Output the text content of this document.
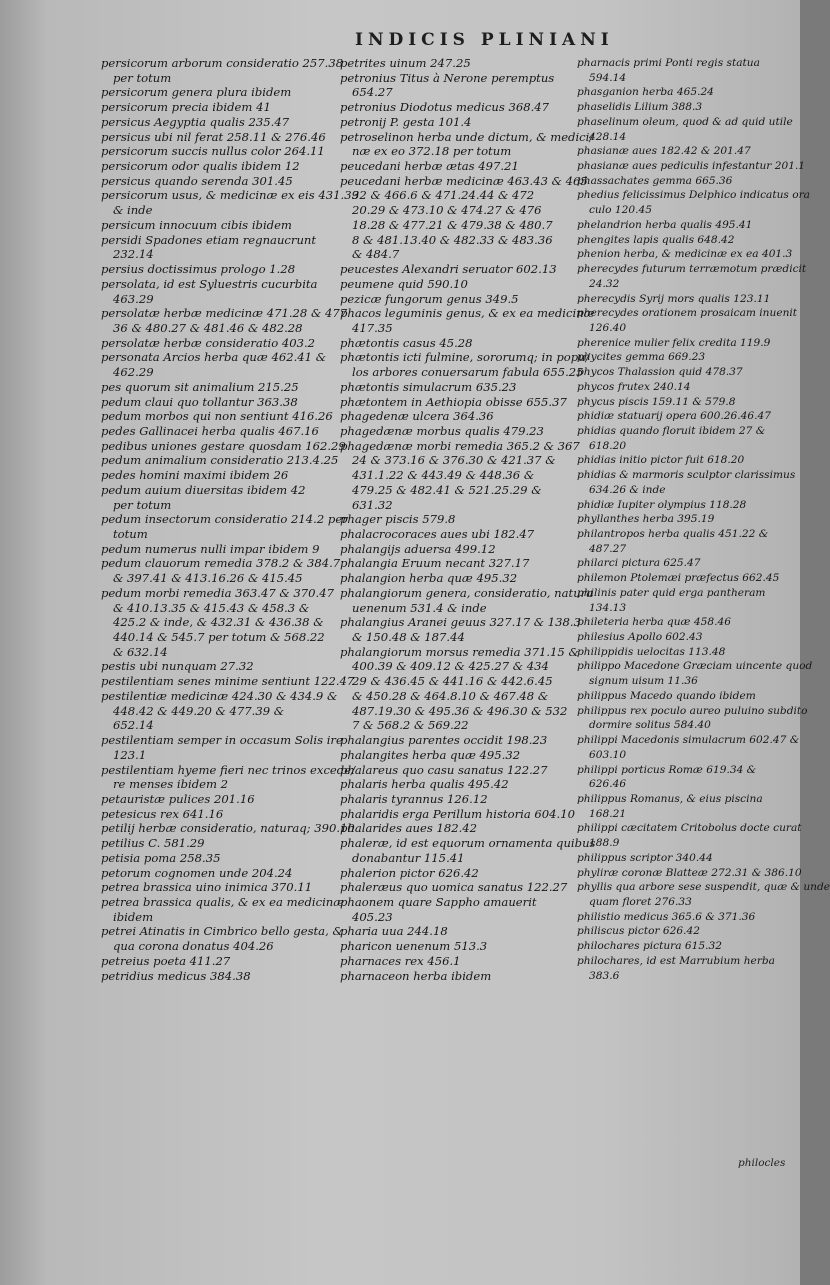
INDICIS PLINIANI
persicorum arborum consideratio 257.38
per totum
persicorum genera plura ibidem
persicorum precia ibidem 41
persicus Aegyptia qualis 235.47
persicus ubi nil ferat 258.11 & 276.46
persicorum succis nullus color 264.11
persicorum odor qualis ibidem 12
persicus quando serenda 301.45
persicorum usus, & medicinæ ex eis 431.39
& inde
persicum innocuum cibis ibidem
persidi Spadones etiam regnaucrunt
232.14
persius doctissimus prologo 1.28
persolata, id est Syluestris cucurbita
463.29
persolatæ herbæ medicinæ 471.28 & 477
36 & 480.27 & 481.46 & 482.28
persolatæ herbæ consideratio 403.2
personata Arcios herba quæ 462.41 &
462.29
pes quorum sit animalium 215.25
pedum claui quo tollantur 363.38
pedum morbos qui non sentiunt 416.26
pedes Gallinacei herba qualis 467.16
pedibus uniones gestare quosdam 162.29
pedum animalium consideratio 213.4.25
pedes homini maximi ibidem 26
pedum auium diuersitas ibidem 42
per totum
pedum insectorum consideratio 214.2 per
totum
pedum numerus nulli impar ibidem 9
pedum clauorum remedia 378.2 & 384.7
& 397.41 & 413.16.26 & 415.45
pedum morbi remedia 363.47 & 370.47
& 410.13.35 & 415.43 & 458.3 &
425.2 & inde, & 432.31 & 436.38 &
440.14 & 545.7 per totum & 568.22
& 632.14
pestis ubi nunquam 27.32
pestilentiam senes minime sentiunt 122.47
pestilentiæ medicinæ 424.30 & 434.9 &
448.42 & 449.20 & 477.39 &
652.14
pestilentiam semper in occasum Solis ire
123.1
pestilentiam hyeme fieri nec trinos excede/
re menses ibidem 2
petauristæ pulices 201.16
petesicus rex 641.16
petilij herbæ consideratio, naturaq; 390.10
petilius C. 581.29
petisia poma 258.35
petorum cognomen unde 204.24
petrea brassica uino inimica 370.11
petrea brassica qualis, & ex ea medicinæ
ibidem
petrei Atinatis in Cimbrico bello gesta, &
qua corona donatus 404.26
petreius poeta 411.27
petridius medicus 384.38
petrites uinum 247.25
petronius Titus à Nerone peremptus
654.27
petronius Diodotus medicus 368.47
petronij P. gesta 101.4
petroselinon herba unde dictum, & medici/
næ ex eo 372.18 per totum
peucedani herbæ ætas 497.21
peucedani herbæ medicinæ 463.43 & 465
32 & 466.6 & 471.24.44 & 472
20.29 & 473.10 & 474.27 & 476
18.28 & 477.21 & 479.38 & 480.7
8 & 481.13.40 & 482.33 & 483.36
& 484.7
peucestes Alexandri seruator 602.13
peumene quid 590.10
pezicæ fungorum genus 349.5
phacos leguminis genus, & ex ea medicinæ
417.35
phætontis casus 45.28
phætontis icti fulmine, sororumq; in popu/
los arbores conuersarum fabula 655.25
phætontis simulacrum 635.23
phætontem in Aethiopia obisse 655.37
phagedenæ ulcera 364.36
phagedænæ morbus qualis 479.23
phagedænæ morbi remedia 365.2 & 367
24 & 373.16 & 376.30 & 421.37 &
431.1.22 & 443.49 & 448.36 &
479.25 & 482.41 & 521.25.29 &
631.32
phager piscis 579.8
phalacrocoraces aues ubi 182.47
phalangijs aduersa 499.12
phalangia Eruum necant 327.17
phalangion herba quæ 495.32
phalangiorum genera, consideratio, natura
uenenum 531.4 & inde
phalangius Aranei geuus 327.17 & 138.3
& 150.48 & 187.44
phalangiorum morsus remedia 371.15 &
400.39 & 409.12 & 425.27 & 434
29 & 436.45 & 441.16 & 442.6.45
& 450.28 & 464.8.10 & 467.48 &
487.19.30 & 495.36 & 496.30 & 532
7 & 568.2 & 569.22
phalangius parentes occidit 198.23
phalangites herba quæ 495.32
phalareus quo casu sanatus 122.27
phalaris herba qualis 495.42
phalaris tyrannus 126.12
phalaridis erga Perillum historia 604.10
phalarides aues 182.42
phaleræ, id est equorum ornamenta quibus
donabantur 115.41
phalerion pictor 626.42
phaleræus quo uomica sanatus 122.27
phaonem quare Sappho amauerit
405.23
pharia uua 244.18
pharicon uenenum 513.3
pharnaces rex 456.1
pharnaceon herba ibidem
pharnacis primi Ponti regis statua
594.14
phasganion herba 465.24
phaselidis Lilium 388.3
phaselinum oleum, quod & ad quid utile
428.14
phasianæ aues 182.42 & 201.47
phasianæ aues pediculis infestantur 201.1
phassachates gemma 665.36
phedius felicissimus Delphico indicatus ora
culo 120.45
phelandrion herba qualis 495.41
phengites lapis qualis 648.42
phenion herba, & medicinæ ex ea 401.3
pherecydes futurum terræmotum prædicit
24.32
pherecydis Syrij mors qualis 123.11
pherecydes orationem prosaicam inuenit
126.40
pherenice mulier felix credita 119.9
phycites gemma 669.23
phycos Thalassion quid 478.37
phycos frutex 240.14
phycus piscis 159.11 & 579.8
phidiæ statuarij opera 600.26.46.47
phidias quando floruit ibidem 27 &
618.20
phidias initio pictor fuit 618.20
phidias & marmoris sculptor clarissimus
634.26 & inde
phidiæ Iupiter olympius 118.28
phyllanthes herba 395.19
philantropos herba qualis 451.22 &
487.27
philarci pictura 625.47
philemon Ptolemæi præfectus 662.45
philinis pater quid erga pantheram
134.13
phileteria herba quæ 458.46
philesius Apollo 602.43
philippidis uelocitas 113.48
philippo Macedone Græciam uincente quod
signum uisum 11.36
philippus Macedo quando ibidem
philippus rex poculo aureo puluino subdito
dormire solitus 584.40
philippi Macedonis simulacrum 602.47 &
603.10
philippi porticus Romæ 619.34 &
626.46
philippus Romanus, & eius piscina
168.21
philippi cæcitatem Critobolus docte curat
188.9
philippus scriptor 340.44
phyliræ coronæ Blatteæ 272.31 & 386.10
phyllis qua arbore sese suspendit, quæ & unde
quam floret 276.33
philistio medicus 365.6 & 371.36
philiscus pictor 626.42
philochares pictura 615.32
philochares, id est Marrubium herba
383.6
philocles
